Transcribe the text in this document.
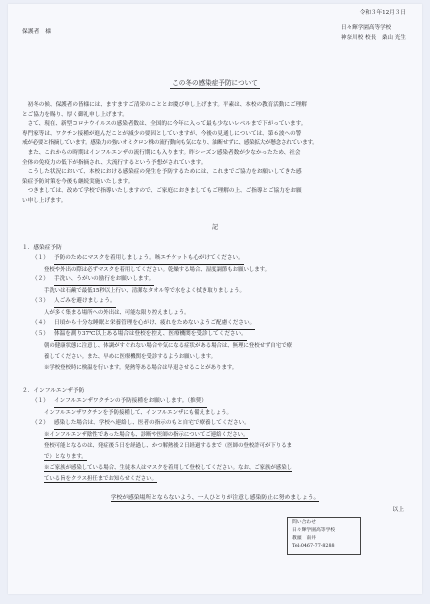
令和３年12月３日
保護者　様
日々輝学園高等学校
神奈川校 校長　桑山 光生
この冬の感染症予防について
初冬の候、保護者の皆様には、ますますご清栄のこととお慶び申し上げます。平素は、本校の教育活動にご理解
とご協力を賜り、厚く御礼申し上げます。
さて、現在、新型コロナウイルスの感染者数は、全国的に今年に入って最も少ないレベルまで下がっています。
専門家等は、ワクチン接種が進んだことが減少の要因としていますが、今後の見通しについては、第６波への警
戒が必要と指摘しています。感染力の強いオミクロン株の流行動向も気になり、油断せずに、感染拡大が懸念されています。
また、これからの時期はインフルエンザの流行期にも入ります。昨シーズン感染者数が少なかったため、社会
全体の免疫力の低下が指摘され、大流行するという予想がされています。
こうした状況において、本校における感染症の発生を予防するためには、これまでご協力をお願いしてきた感
染症予防対策を今後も継続実施いたします。
つきましては、改めて学校で指導いたしますので、ご家庭におきましてもご理解の上、ご指導とご協力をお願
い申し上げます。
記
１．感染症予防
（１） 予防のためにマスクを着用しましょう。咳エチケットも心がけてください。
登校や外出の際は必ずマスクを着用してください。乾燥する場合、湿度調節もお願いします。
（２） 手洗い、うがいの励行をお願いします。
手洗いは石鹸で最低15秒以上行い、清潔なタオル等で水をよく拭き取りましょう。
（３） 人ごみを避けましょう。
人が多く集まる場所への外出は、可能な限り控えましょう。
（４） 日頃から十分な睡眠と栄養管理を心がけ、疲れをためないようご配慮ください。
（５） 体温を測り37℃以上ある場合は登校を控え、医療機関を受診してください。
朝の健康状態に注意し、体調がすぐれない場合や気になる症状がある場合は、無理に登校せず自宅で療
養してください。また、早めに医療機関を受診するようお願いします。
※学校登校時に検温を行います。発熱等ある場合は早退させることがあります。
２．インフルエンザ予防
（１） インフルエンザワクチンの予防接種をお願いします。（推奨）
インフルエンザワクチンを予防接種して、インフルエンザにも備えましょう。
（２） 感染した場合は、学校へ連絡し、医者の指示のもと自宅で療養してください。
※インフルエンザ陰性であった場合も、診断や医師の指示についてご連絡ください。
登校可能となるのは、発症後５日を経過し、かつ解熱後２日経過するまで（医師の登校許可が下りるま
で）となります。
※ご家族が感染している場合、生徒本人はマスクを着用して登校してください。なお、ご家族が感染し
ている旨をクラス担任までお知らせください。
学校が感染場所とならないよう、一人ひとりが注意し感染防止に努めましょう。
以上
問い合わせ
日々輝学園高等学校
教頭　南井
Tel:0467-77-8288
